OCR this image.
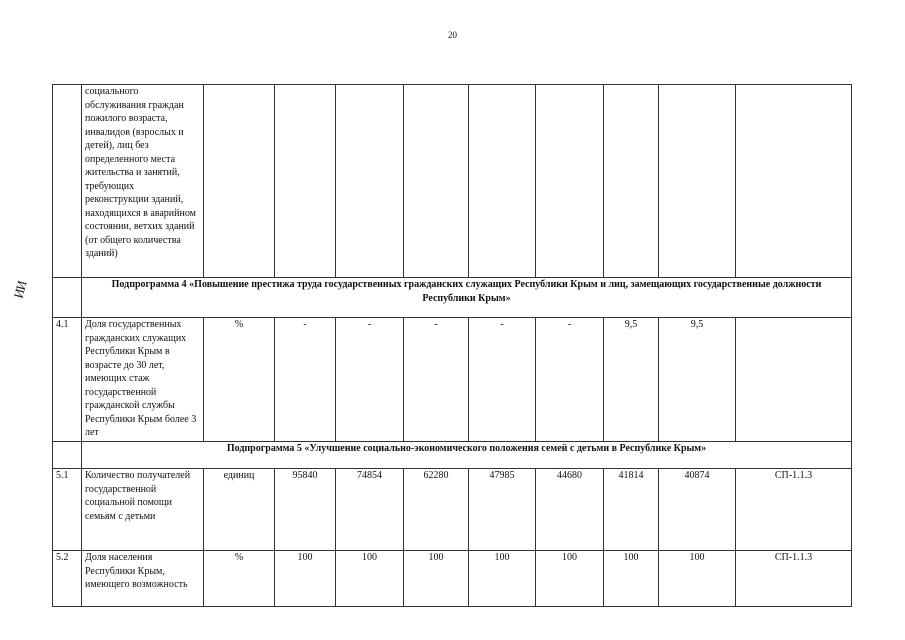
20
ИИ
	социального обслуживания граждан пожилого возраста, инвалидов (взрослых и детей), лиц без определенного места жительства и занятий, требующих реконструкции зданий, находящихся в аварийном состоянии, ветхих зданий (от общего количества зданий)									
	Подпрограмма 4 «Повышение престижа труда государственных гражданских служащих Республики Крым и лиц, замещающих государственные должности Республики Крым»									
4.1	Доля государственных гражданских служащих Республики Крым в возрасте до 30 лет, имеющих стаж государственной гражданской службы Республики Крым более 3 лет	%	-	-	-	-	-	9,5	9,5	
	Подпрограмма 5 «Улучшение социально-экономического положения семей с детьми в Республике Крым»									
5.1	Количество получателей государственной социальной помощи семьям с детьми	единиц	95840	74854	62280	47985	44680	41814	40874	СП-1.1.3
5.2	Доля населения Республики Крым, имеющего возможность	%	100	100	100	100	100	100	100	СП-1.1.3
